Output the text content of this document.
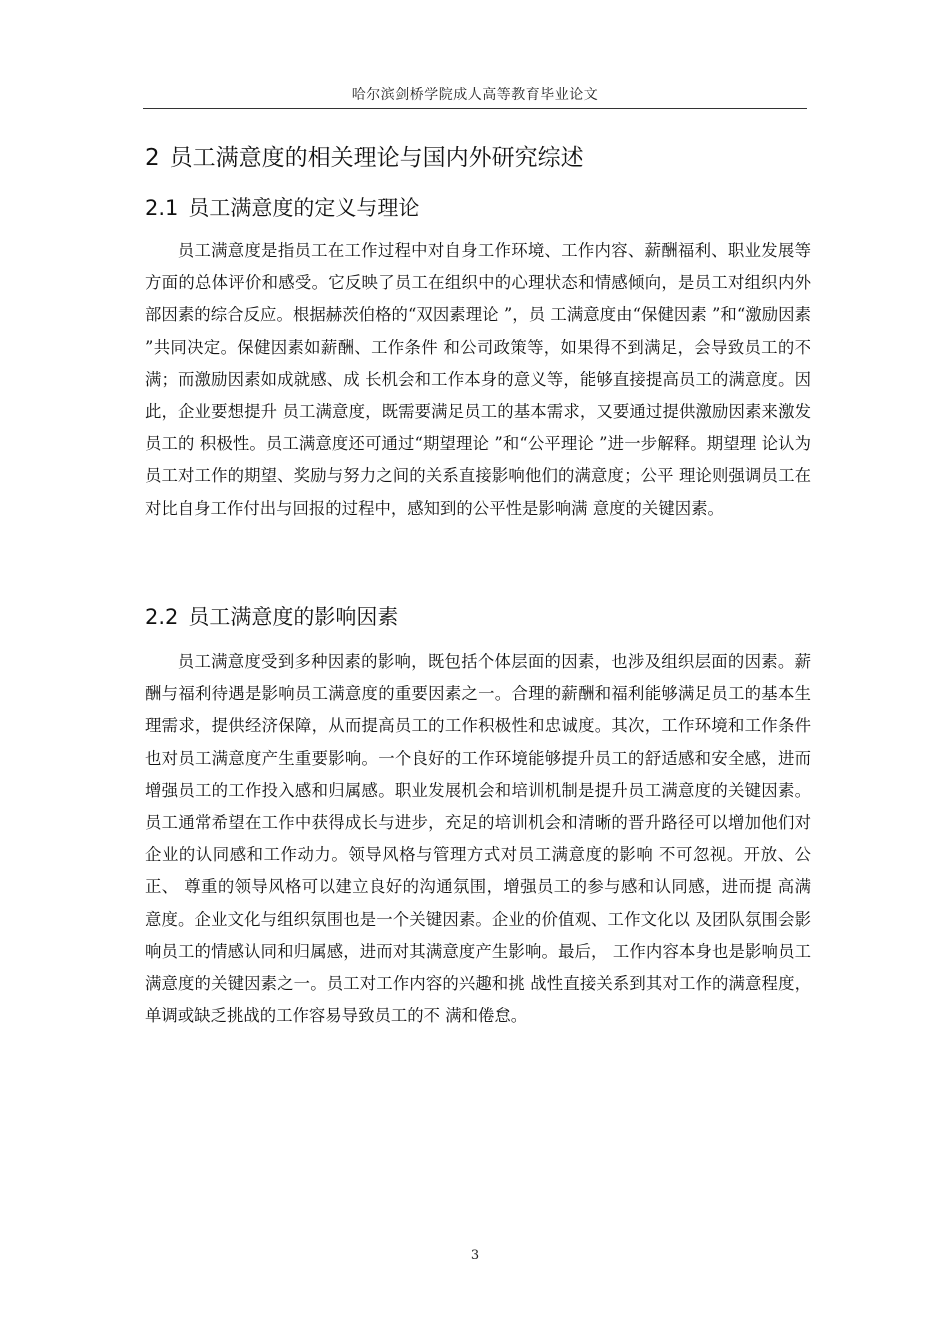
哈尔滨剑桥学院成人高等教育毕业论文
2 员工满意度的相关理论与国内外研究综述
2.1 员工满意度的定义与理论

员工满意度是指员工在工作过程中对自身工作环境、工作内容、薪酬福利、职业发展等方面的总体评价和感受。它反映了员工在组织中的心理状态和情感倾向，是员工对组织内外部因素的综合反应。根据赫茨伯格的“双因素理论 ”，员 工满意度由“保健因素 ”和“激励因素 ”共同决定。保健因素如薪酬、工作条件 和公司政策等，如果得不到满足，会导致员工的不满；而激励因素如成就感、成 长机会和工作本身的意义等，能够直接提高员工的满意度。因此，企业要想提升 员工满意度，既需要满足员工的基本需求，又要通过提供激励因素来激发员工的 积极性。员工满意度还可通过“期望理论 ”和“公平理论 ”进一步解释。期望理 论认为员工对工作的期望、奖励与努力之间的关系直接影响他们的满意度；公平 理论则强调员工在对比自身工作付出与回报的过程中，感知到的公平性是影响满 意度的关键因素。

2.2 员工满意度的影响因素

员工满意度受到多种因素的影响，既包括个体层面的因素，也涉及组织层面的因素。薪酬与福利待遇是影响员工满意度的重要因素之一。合理的薪酬和福利能够满足员工的基本生理需求，提供经济保障，从而提高员工的工作积极性和忠诚度。其次，工作环境和工作条件也对员工满意度产生重要影响。一个良好的工作环境能够提升员工的舒适感和安全感，进而增强员工的工作投入感和归属感。职业发展机会和培训机制是提升员工满意度的关键因素。员工通常希望在工作中获得成长与进步，充足的培训机会和清晰的晋升路径可以增加他们对企业的认同感和工作动力。领导风格与管理方式对员工满意度的影响 不可忽视。开放、公正、 尊重的领导风格可以建立良好的沟通氛围，增强员工的参与感和认同感，进而提 高满意度。企业文化与组织氛围也是一个关键因素。企业的价值观、工作文化以 及团队氛围会影响员工的情感认同和归属感，进而对其满意度产生影响。最后， 工作内容本身也是影响员工满意度的关键因素之一。员工对工作内容的兴趣和挑 战性直接关系到其对工作的满意程度，单调或缺乏挑战的工作容易导致员工的不 满和倦怠。

3
